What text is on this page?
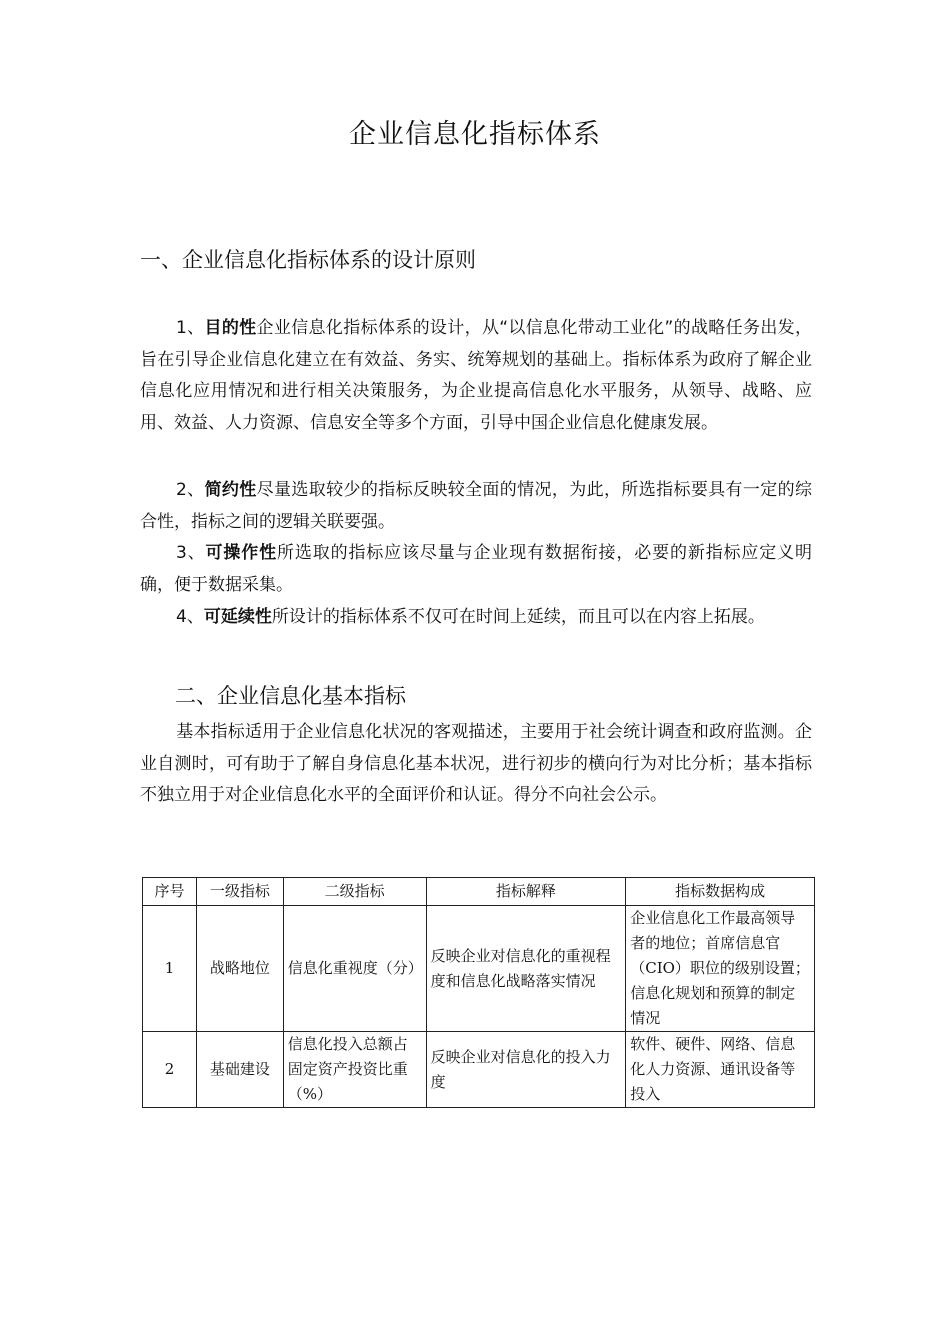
企业信息化指标体系
一、企业信息化指标体系的设计原则
1、目的性企业信息化指标体系的设计，从“以信息化带动工业化”的战略任务出发，旨在引导企业信息化建立在有效益、务实、统筹规划的基础上。指标体系为政府了解企业信息化应用情况和进行相关决策服务，为企业提高信息化水平服务，从领导、战略、应用、效益、人力资源、信息安全等多个方面，引导中国企业信息化健康发展。
2、简约性尽量选取较少的指标反映较全面的情况，为此，所选指标要具有一定的综合性，指标之间的逻辑关联要强。
3、可操作性所选取的指标应该尽量与企业现有数据衔接，必要的新指标应定义明确，便于数据采集。
4、可延续性所设计的指标体系不仅可在时间上延续，而且可以在内容上拓展。
二、企业信息化基本指标
基本指标适用于企业信息化状况的客观描述，主要用于社会统计调查和政府监测。企业自测时，可有助于了解自身信息化基本状况，进行初步的横向行为对比分析；基本指标不独立用于对企业信息化水平的全面评价和认证。得分不向社会公示。
序号	一级指标	二级指标	指标解释	指标数据构成
1	战略地位	信息化重视度（分）	反映企业对信息化的重视程度和信息化战略落实情况	企业信息化工作最高领导者的地位；首席信息官（CIO）职位的级别设置；信息化规划和预算的制定情况
2	基础建设	信息化投入总额占固定资产投资比重（%）	反映企业对信息化的投入力度	软件、硬件、网络、信息化人力资源、通讯设备等投入
